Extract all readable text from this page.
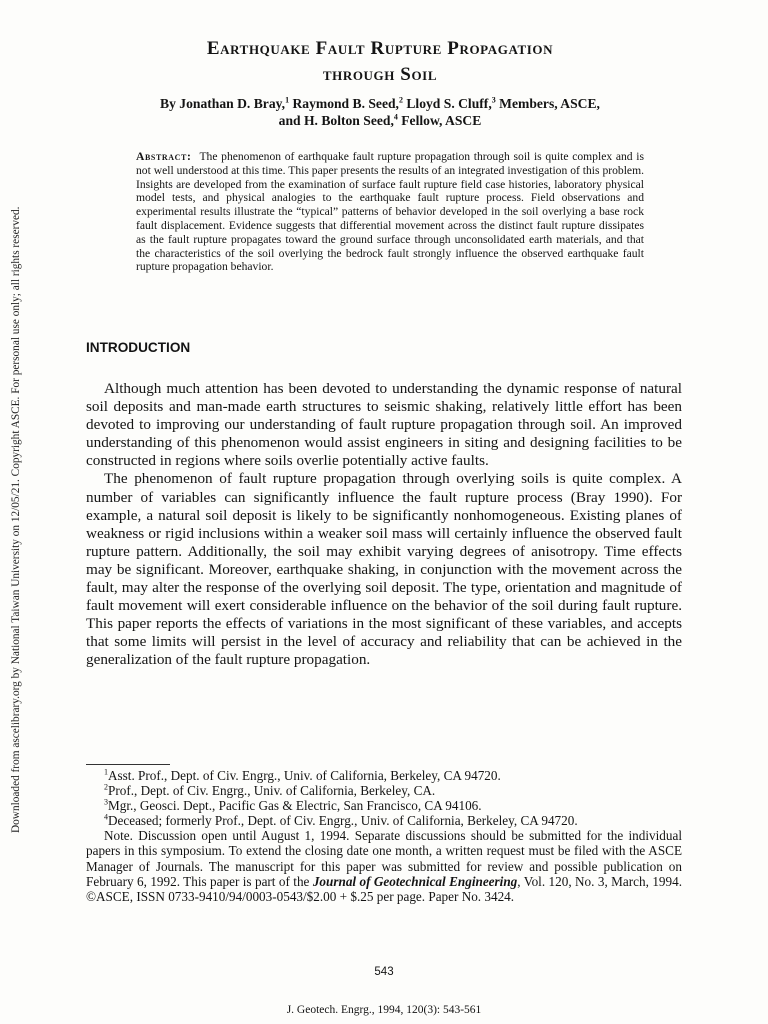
Downloaded from ascelibrary.org by National Taiwan University on 12/05/21. Copyright ASCE. For personal use only; all rights reserved.
Earthquake Fault Rupture Propagation
through Soil
By Jonathan D. Bray,$^1$ Raymond B. Seed,$^2$ Lloyd S. Cluff,$^3$ Members, ASCE,
and H. Bolton Seed,$^4$ Fellow, ASCE
Abstract: The phenomenon of earthquake fault rupture propagation through soil is quite complex and is not well understood at this time. This paper presents the results of an integrated investigation of this problem. Insights are developed from the examination of surface fault rupture field case histories, laboratory physical model tests, and physical analogies to the earthquake fault rupture process. Field observations and experimental results illustrate the “typical” patterns of behavior developed in the soil overlying a base rock fault displacement. Evidence suggests that differential movement across the distinct fault rupture dissipates as the fault rupture propagates toward the ground surface through unconsolidated earth materials, and that the characteristics of the soil overlying the bedrock fault strongly influence the observed earthquake fault rupture propagation behavior.
INTRODUCTION

Although much attention has been devoted to understanding the dynamic response of natural soil deposits and man-made earth structures to seismic shaking, relatively little effort has been devoted to improving our understanding of fault rupture propagation through soil. An improved understanding of this phenomenon would assist engineers in siting and designing facilities to be constructed in regions where soils overlie potentially active faults.

The phenomenon of fault rupture propagation through overlying soils is quite complex. A number of variables can significantly influence the fault rupture process (Bray 1990). For example, a natural soil deposit is likely to be significantly nonhomogeneous. Existing planes of weakness or rigid inclusions within a weaker soil mass will certainly influence the observed fault rupture pattern. Additionally, the soil may exhibit varying degrees of anisotropy. Time effects may be significant. Moreover, earthquake shaking, in conjunction with the movement across the fault, may alter the response of the overlying soil deposit. The type, orientation and magnitude of fault movement will exert considerable influence on the behavior of the soil during fault rupture. This paper reports the effects of variations in the most significant of these variables, and accepts that some limits will persist in the level of accuracy and reliability that can be achieved in the generalization of the fault rupture propagation.

$^1$Asst. Prof., Dept. of Civ. Engrg., Univ. of California, Berkeley, CA 94720.

$^2$Prof., Dept. of Civ. Engrg., Univ. of California, Berkeley, CA.

$^3$Mgr., Geosci. Dept., Pacific Gas & Electric, San Francisco, CA 94106.

$^4$Deceased; formerly Prof., Dept. of Civ. Engrg., Univ. of California, Berkeley, CA 94720.

Note. Discussion open until August 1, 1994. Separate discussions should be submitted for the individual papers in this symposium. To extend the closing date one month, a written request must be filed with the ASCE Manager of Journals. The manuscript for this paper was submitted for review and possible publication on February 6, 1992. This paper is part of the Journal of Geotechnical Engineering, Vol. 120, No. 3, March, 1994. ©ASCE, ISSN 0733-9410/94/0003-0543/$2.00 + $.25 per page. Paper No. 3424.

543
J. Geotech. Engrg., 1994, 120(3): 543-561
